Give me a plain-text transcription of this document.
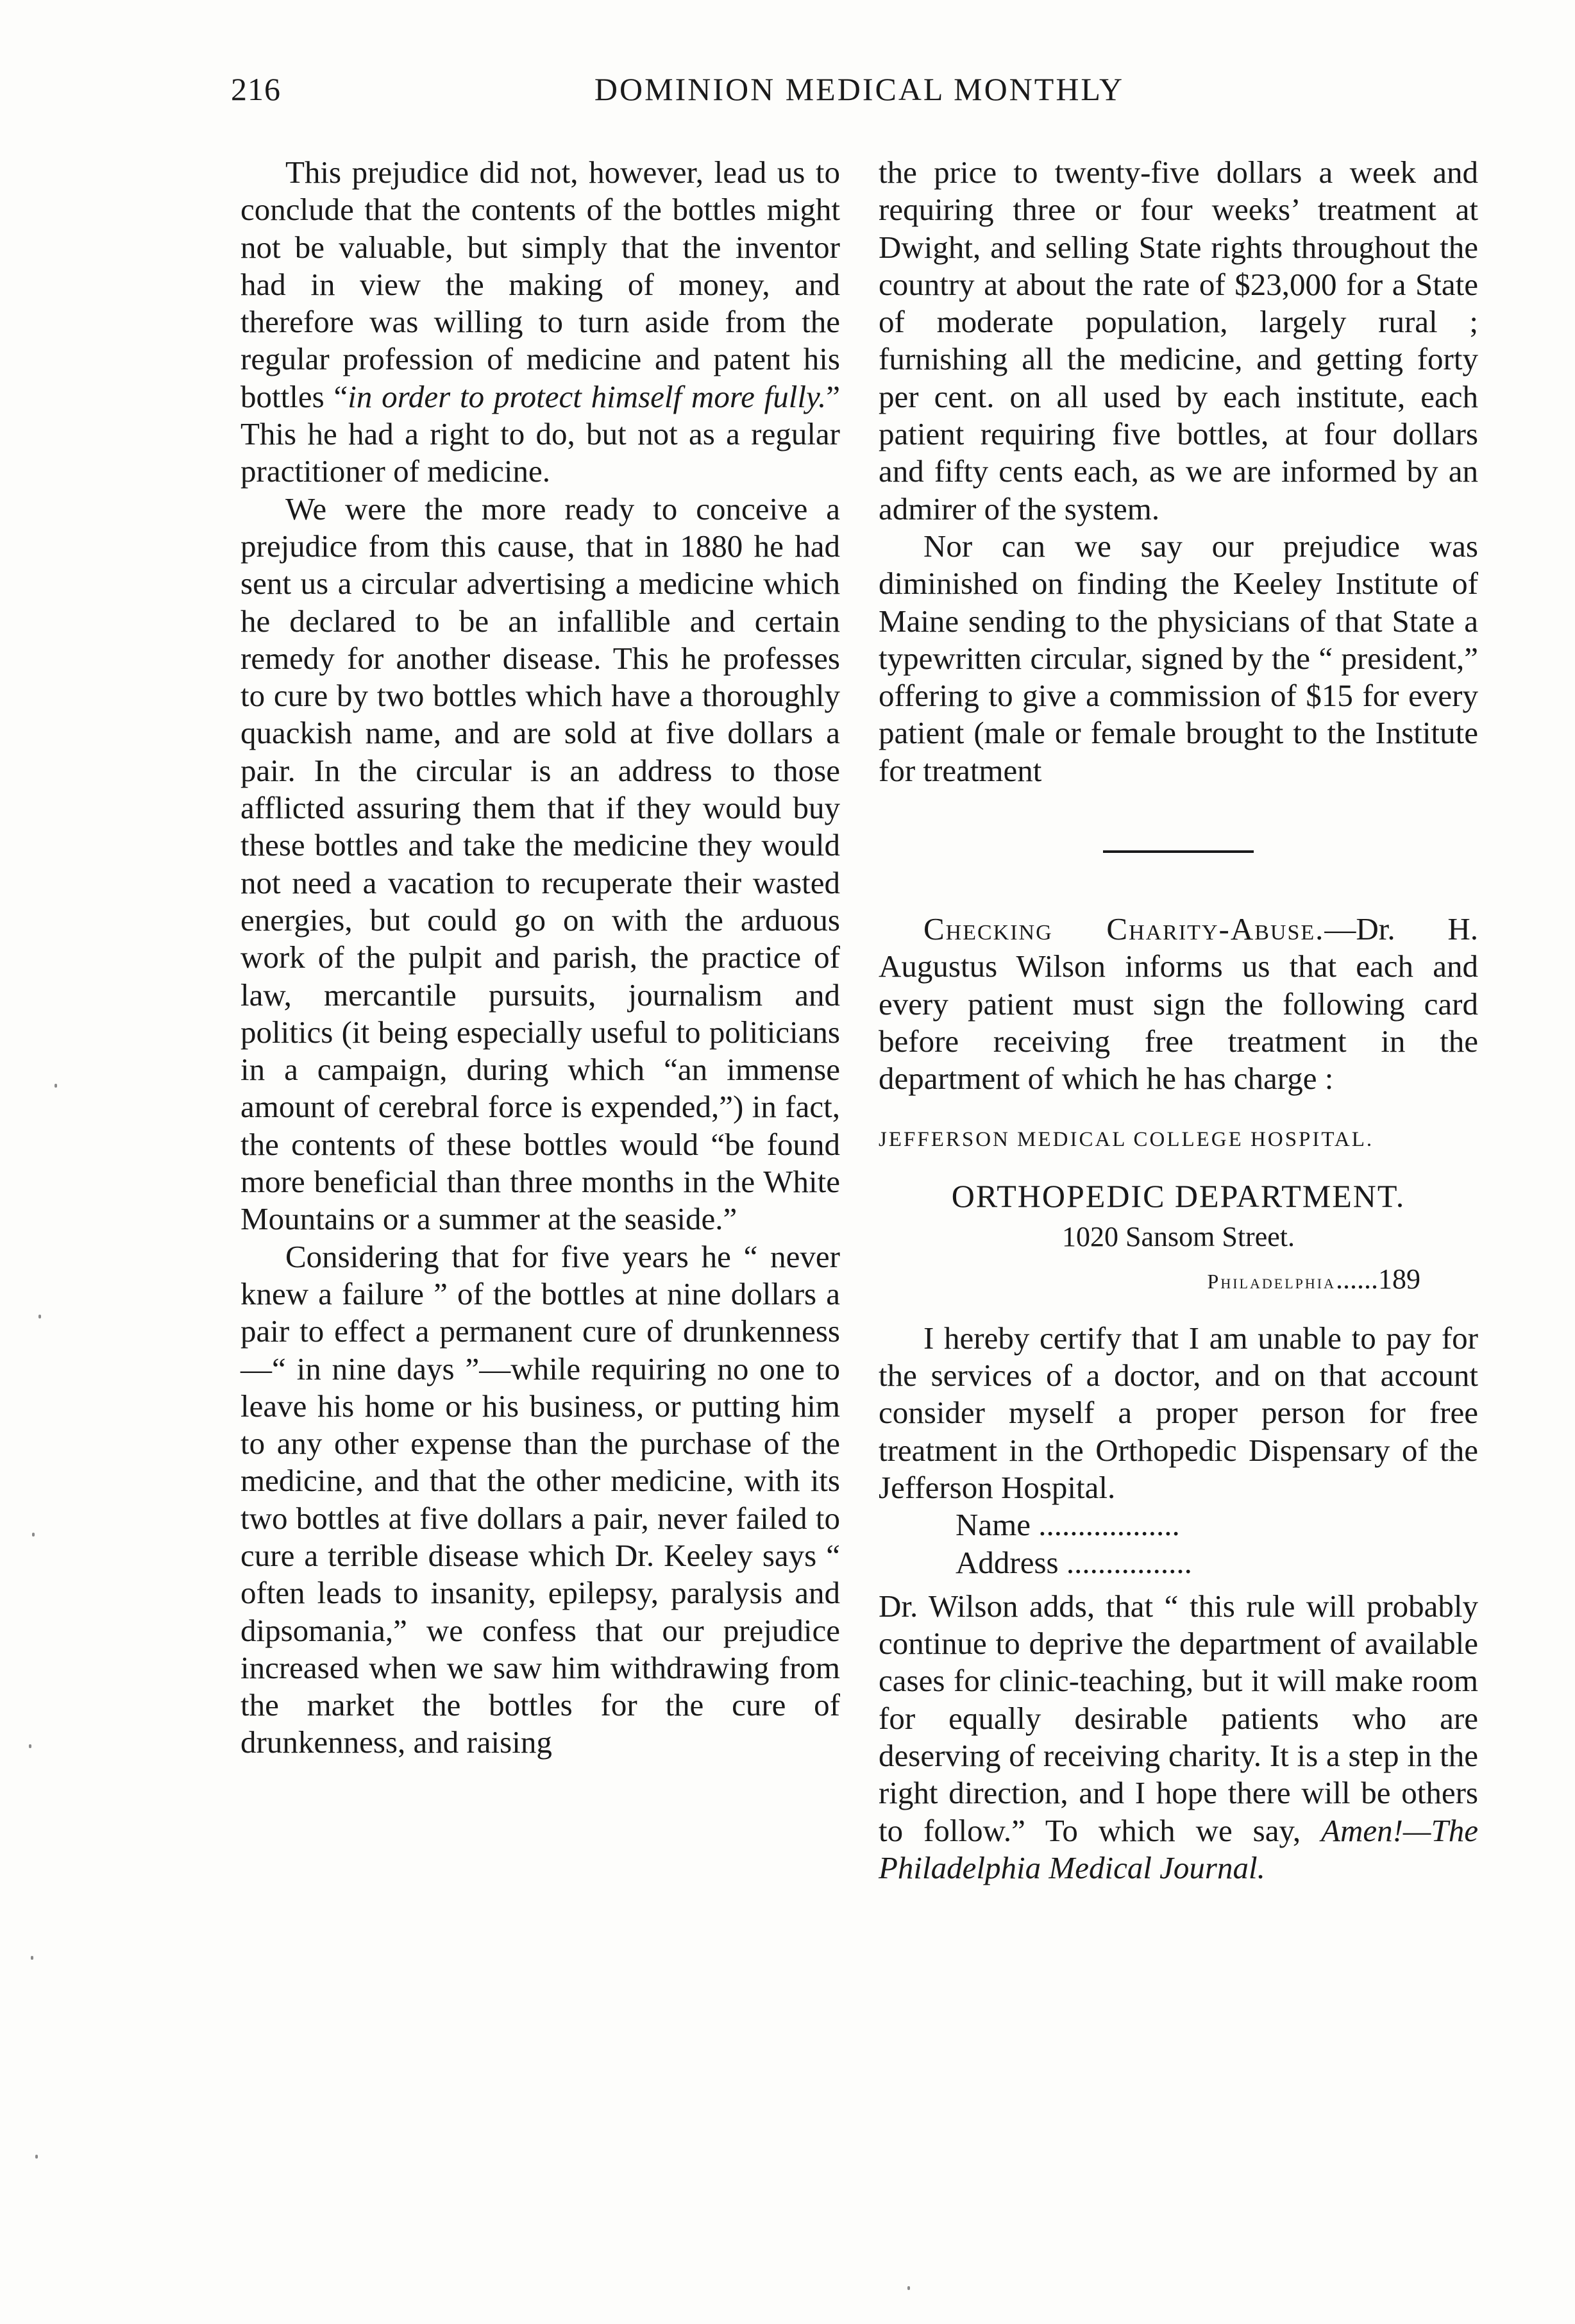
216	DOMINION MEDICAL MONTHLY

This prejudice did not, however, lead us to conclude that the contents of the bottles might not be valuable, but simply that the inventor had in view the making of money, and therefore was willing to turn aside from the regular profession of medicine and patent his bottles “in order to protect himself more fully.” This he had a right to do, but not as a regular practitioner of medicine.

We were the more ready to conceive a prejudice from this cause, that in 1880 he had sent us a circular advertising a medicine which he declared to be an infallible and certain remedy for another disease. This he professes to cure by two bottles which have a thoroughly quackish name, and are sold at five dollars a pair. In the circular is an address to those afflicted assuring them that if they would buy these bottles and take the medicine they would not need a vacation to recuperate their wasted energies, but could go on with the arduous work of the pulpit and parish, the practice of law, mercantile pursuits, journalism and politics (it being especially useful to politicians in a campaign, during which “an immense amount of cerebral force is expended,”) in fact, the contents of these bottles would “be found more beneficial than three months in the White Mountains or a summer at the seaside.”

Considering that for five years he “ never knew a failure ” of the bottles at nine dollars a pair to effect a permanent cure of drunkenness—“ in nine days ”—while requiring no one to leave his home or his business, or putting him to any other expense than the purchase of the medicine, and that the other medicine, with its two bottles at five dollars a pair, never failed to cure a terrible disease which Dr. Keeley says “ often leads to insanity, epilepsy, paralysis and dipsomania,” we confess that our prejudice increased when we saw him withdrawing from the market the bottles for the cure of drunkenness, and raising

the price to twenty-five dollars a week and requiring three or four weeks’ treatment at Dwight, and selling State rights throughout the country at about the rate of $23,000 for a State of moderate population, largely rural ; furnishing all the medicine, and getting forty per cent. on all used by each institute, each patient requiring five bottles, at four dollars and fifty cents each, as we are informed by an admirer of the system.

Nor can we say our prejudice was diminished on finding the Keeley Institute of Maine sending to the physicians of that State a typewritten circular, signed by the “ president,” offering to give a commission of $15 for every patient (male or female brought to the Institute for treatment

Checking Charity-Abuse.—Dr. H. Augustus Wilson informs us that each and every patient must sign the following card before receiving free treatment in the department of which he has charge :

JEFFERSON MEDICAL COLLEGE HOSPITAL.

ORTHOPEDIC DEPARTMENT.

1020 Sansom Street.

Philadelphia......189

I hereby certify that I am unable to pay for the services of a doctor, and on that account consider myself a proper person for free treatment in the Orthopedic Dispensary of the Jefferson Hospital.

Name ..................

Address ................

Dr. Wilson adds, that “ this rule will probably continue to deprive the department of available cases for clinic-teaching, but it will make room for equally desirable patients who are deserving of receiving charity. It is a step in the right direction, and I hope there will be others to follow.” To which we say, Amen!—The Philadelphia Medical Journal.
